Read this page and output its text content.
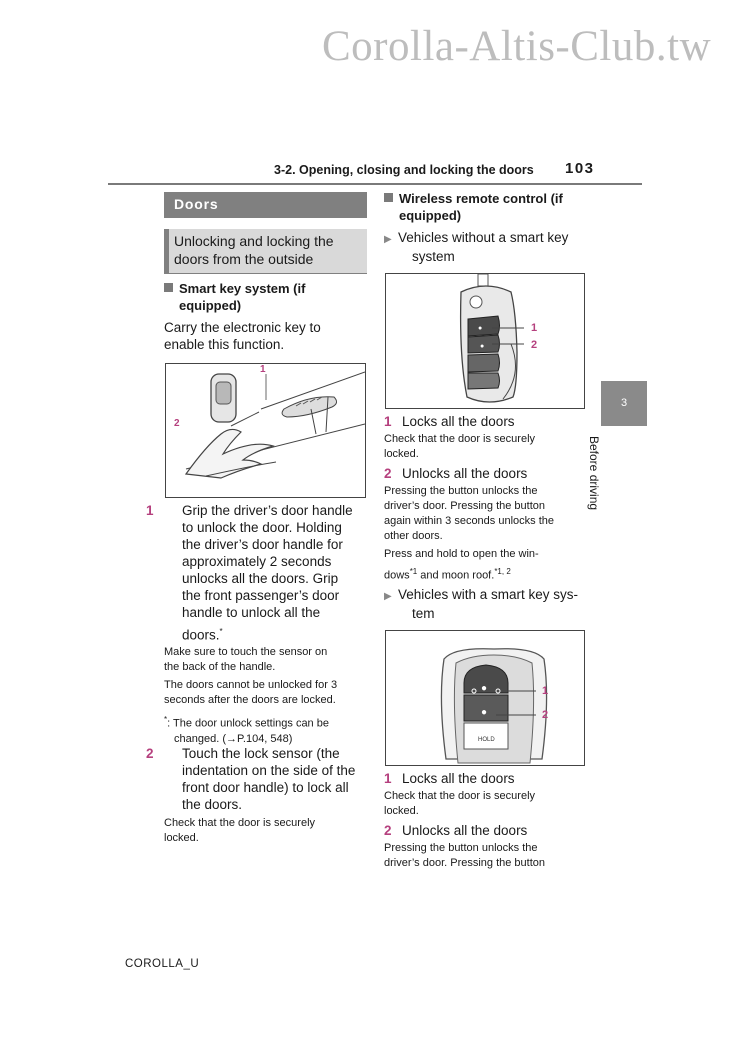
Corolla-Altis-Club.tw
3-2. Opening, closing and locking the doors 103
Doors
Unlocking and locking the doors from the outside
Smart key system (if
equipped)
Carry the electronic key to
enable this function.
1
2
1 Grip the driver’s door handle
to unlock the door. Holding
the driver’s door handle for
approximately 2 seconds
unlocks all the doors. Grip
the front passenger’s door
handle to unlock all the
doors.*
Make sure to touch the sensor on
the back of the handle.
The doors cannot be unlocked for 3
seconds after the doors are locked.
*: The door unlock settings can be
changed. (→P.104, 548)
2 Touch the lock sensor (the
indentation on the side of the
front door handle) to lock all
the doors.
Check that the door is securely
locked.
Wireless remote control (if
equipped)
▶ Vehicles without a smart key
system
●
●
1
2
1 Locks all the doors
Check that the door is securely
locked.
2 Unlocks all the doors
Pressing the button unlocks the
driver’s door. Pressing the button
again within 3 seconds unlocks the
other doors.
Press and hold to open the win-
dows$^{*1}$ and moon roof.$^{*1, 2}$
▶ Vehicles with a smart key sys-
tem
●
●
HOLD
1
2
1 Locks all the doors
Check that the door is securely
locked.
2 Unlocks all the doors
Pressing the button unlocks the
driver’s door. Pressing the button
3
Before driving
COROLLA_U
